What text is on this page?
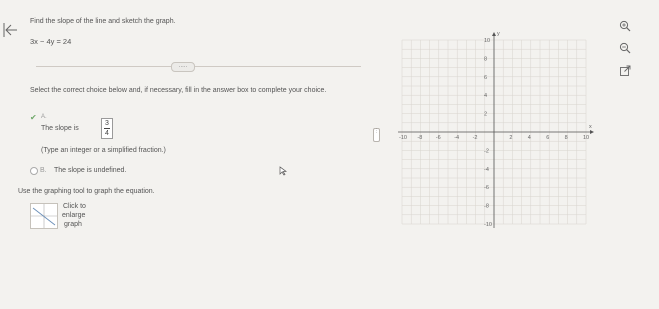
Find the slope of the line and sketch the graph.
3x − 4y = 24
.....
Select the correct choice below and, if necessary, fill in the answer box to complete your choice.
✔ A.
The slope is
3
4
(Type an integer or a simplified fraction.)
B. The slope is undefined.
Use the graphing tool to graph the equation.
Click to
enlarge
graph
⋮
-10 -8 -6 -4 -2	2	4	6	8	10
10
8
6
4
2
-2
-4
-6
-8
-10
y
x
